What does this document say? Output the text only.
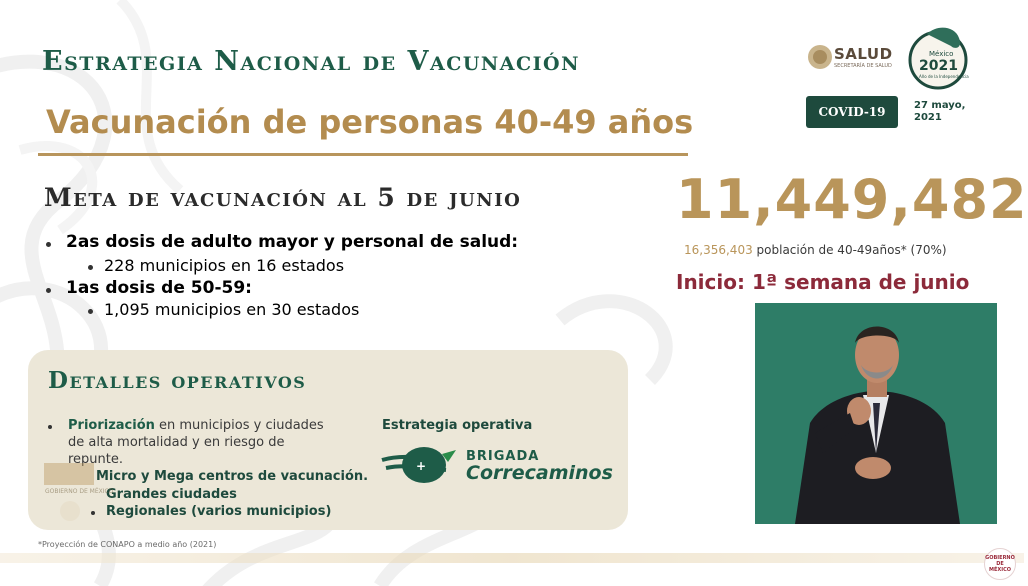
Estrategia Nacional de Vacunación
Vacunación de personas 40-49 años
SALUD
SECRETARÍA DE SALUD
México
2021
Año de la Independencia
COVID-19	27 mayo, 2021
Meta de vacunación al 5 de junio
2as dosis de adulto mayor y personal de salud:
228 municipios en 16 estados
1as dosis de 50-59:
1,095 municipios en 30 estados
11,449,482
16,356,403 población de 40-49años* (70%)
Inicio: 1ª semana de junio
Detalles operativos
Priorización en municipios y ciudades
de alta mortalidad y en riesgo de
repunte.
Micro y Mega centros de vacunación.
Grandes ciudades
Regionales (varios municipios)
GOBIERNO DE MÉXICO
Estrategia operativa
+
BRIGADA
Correcaminos
*Proyección de CONAPO a medio año (2021)
GOBIERNO DE MÉXICO
